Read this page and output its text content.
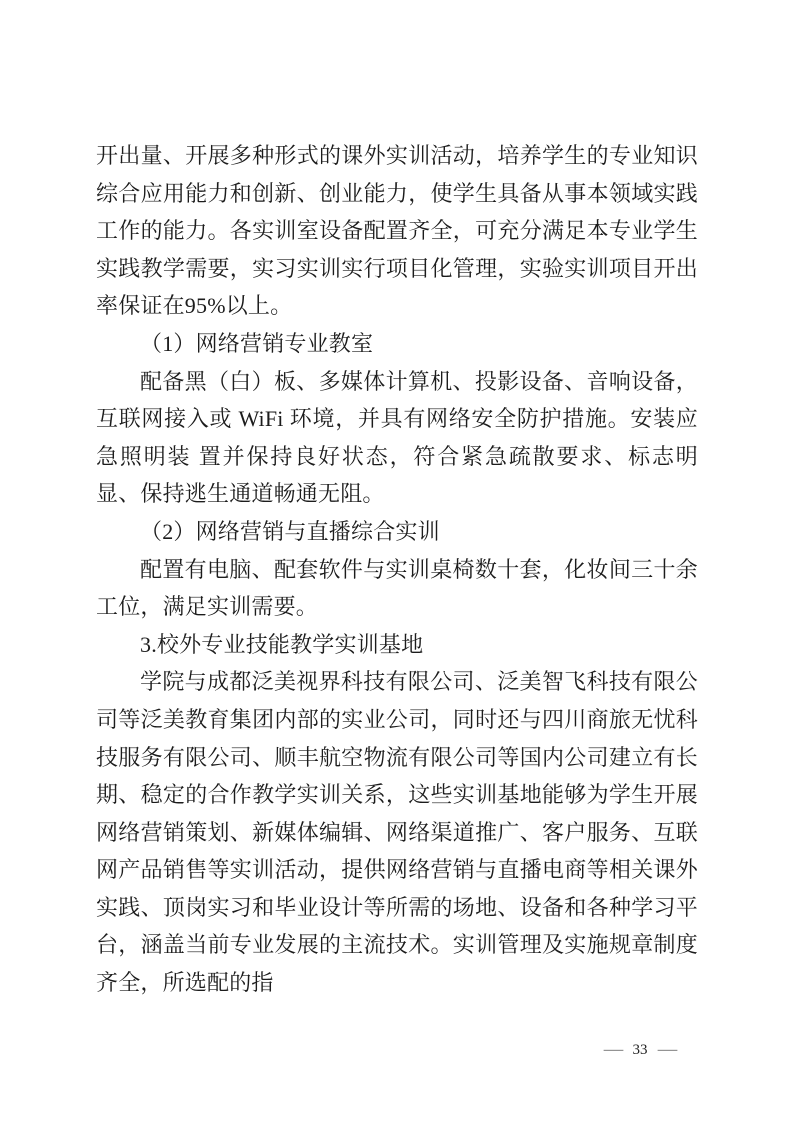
开出量、开展多种形式的课外实训活动，培养学生的专业知识综合应用能力和创新、创业能力，使学生具备从事本领域实践工作的能力。各实训室设备配置齐全，可充分满足本专业学生实践教学需要，实习实训实行项目化管理，实验实训项目开出率保证在95%以上。

（1）网络营销专业教室

配备黑（白）板、多媒体计算机、投影设备、音响设备，互联网接入或 WiFi 环境，并具有网络安全防护措施。安装应急照明装 置并保持良好状态，符合紧急疏散要求、标志明显、保持逃生通道畅通无阻。

（2）网络营销与直播综合实训

配置有电脑、配套软件与实训桌椅数十套，化妆间三十余工位，满足实训需要。

3.校外专业技能教学实训基地

学院与成都泛美视界科技有限公司、泛美智飞科技有限公司等泛美教育集团内部的实业公司，同时还与四川商旅无忧科技服务有限公司、顺丰航空物流有限公司等国内公司建立有长期、稳定的合作教学实训关系，这些实训基地能够为学生开展网络营销策划、新媒体编辑、网络渠道推广、客户服务、互联网产品销售等实训活动，提供网络营销与直播电商等相关课外实践、顶岗实习和毕业设计等所需的场地、设备和各种学习平台，涵盖当前专业发展的主流技术。实训管理及实施规章制度齐全，所选配的指

— 33 —
